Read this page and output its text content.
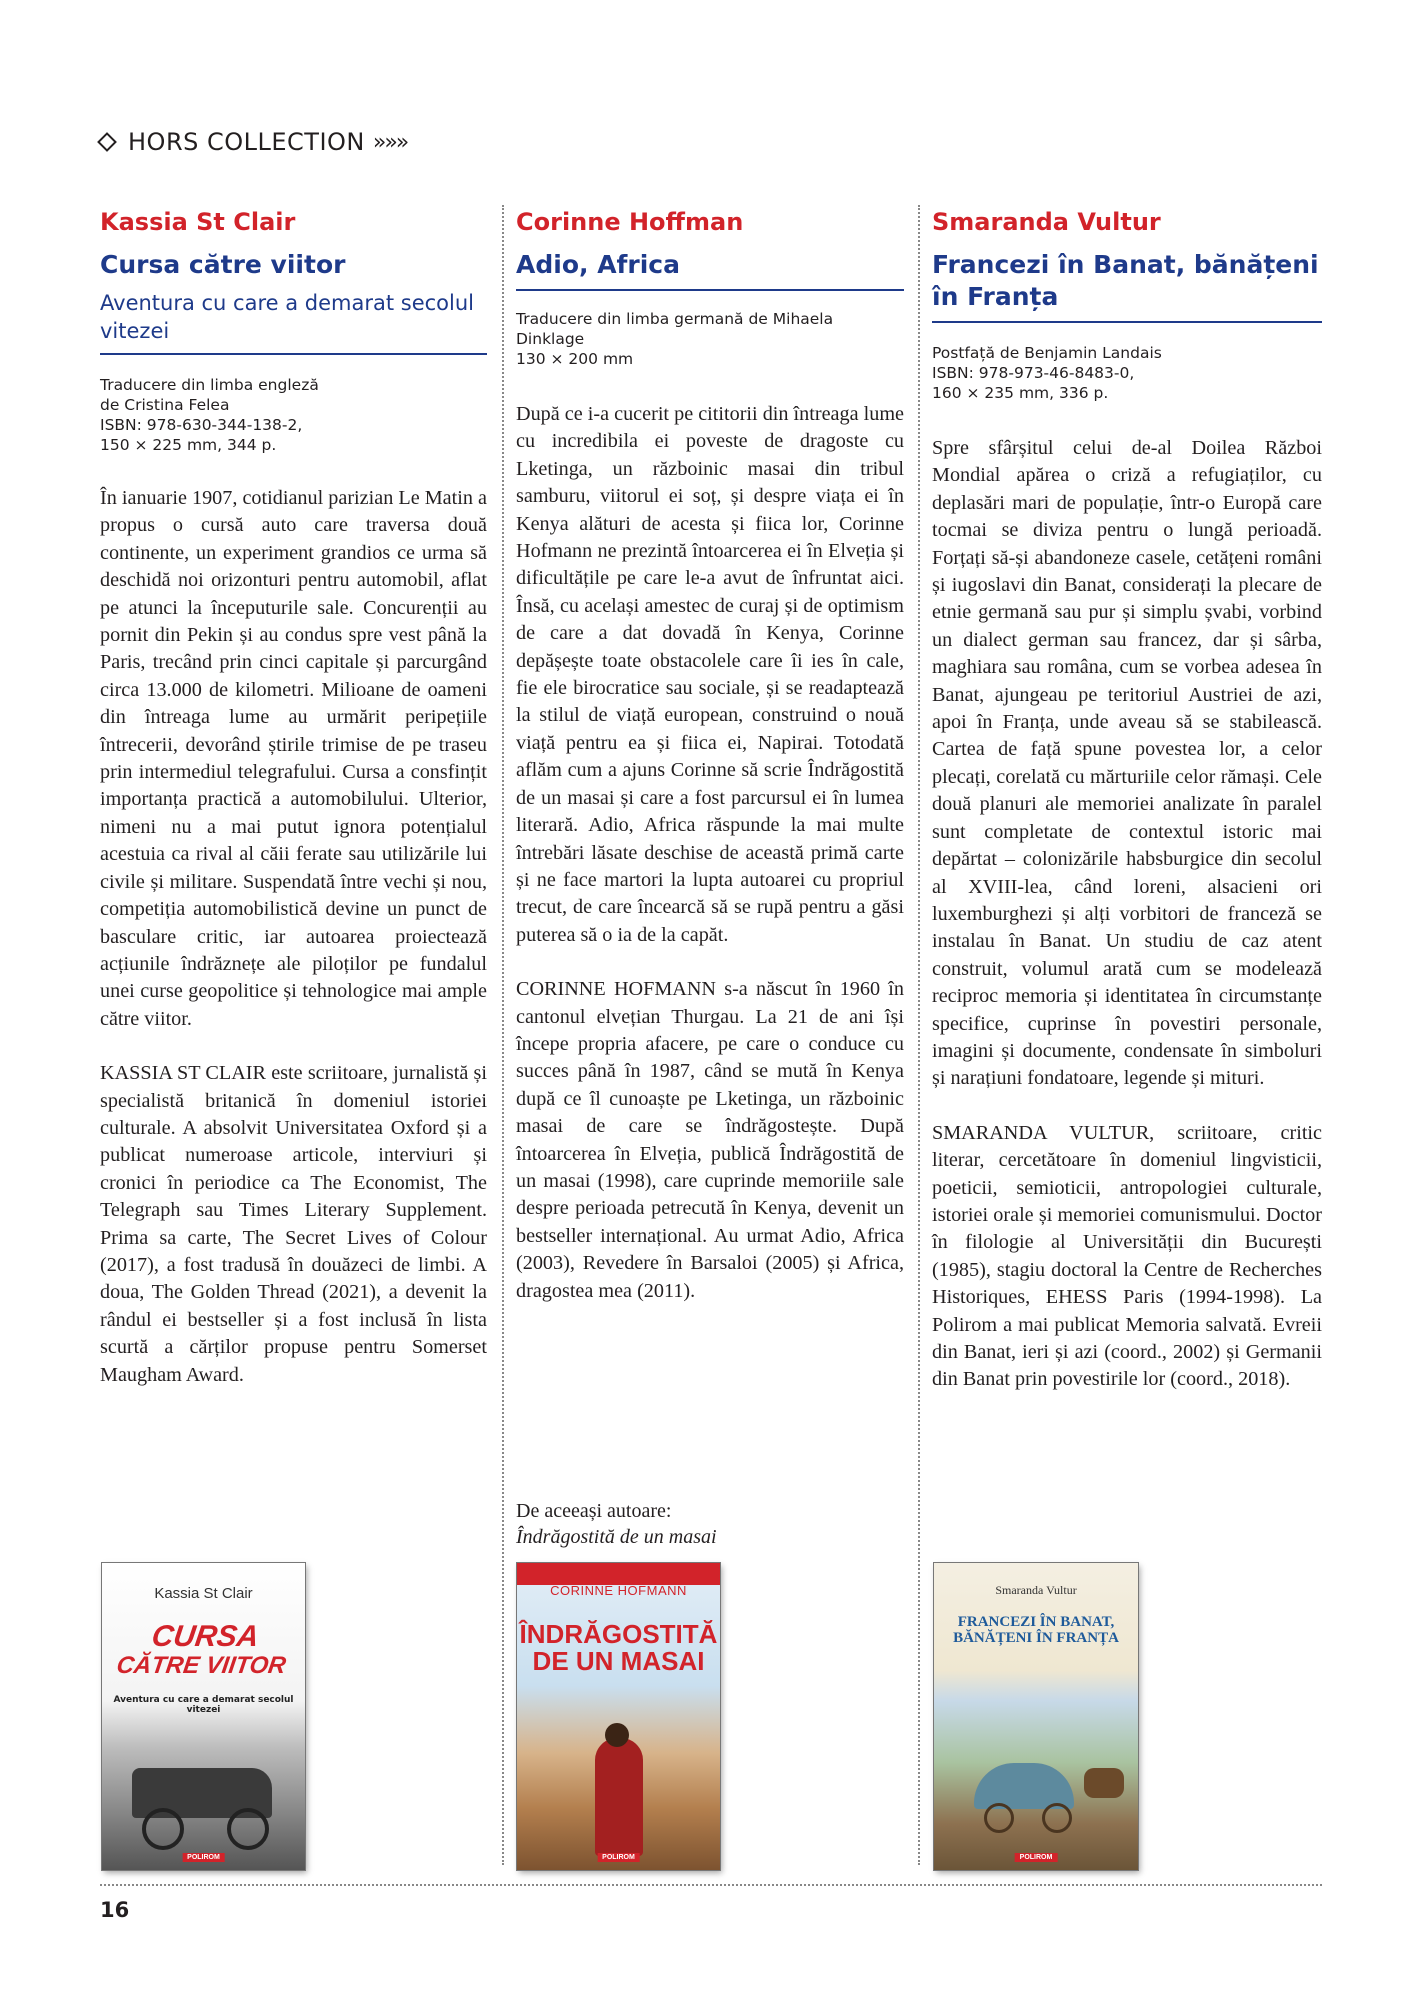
HORS COLLECTION »»»
Kassia St Clair
Cursa către viitor
Aventura cu care a demarat secolul vitezei
Traducere din limba engleză
de Cristina Felea
ISBN: 978-630-344-138-2,
150 × 225 mm, 344 p.

În ianuarie 1907, cotidianul parizian Le Matin a propus o cursă auto care traversa două continente, un experiment grandios ce urma să deschidă noi orizonturi pentru automobil, aflat pe atunci la începuturile sale. Concurenții au pornit din Pekin și au condus spre vest până la Paris, trecând prin cinci capitale și parcurgând circa 13.000 de kilometri. Milioane de oameni din întreaga lume au urmărit peripețiile întrecerii, devorând știrile trimise de pe traseu prin intermediul telegrafului. Cursa a consfințit importanța practică a automobilului. Ulterior, nimeni nu a mai putut ignora potențialul acestuia ca rival al căii ferate sau utilizările lui civile și militare. Suspendată între vechi și nou, competiția automobilistică devine un punct de basculare critic, iar autoarea proiectează acțiunile îndrăznețe ale piloților pe fundalul unei curse geopolitice și tehnologice mai ample către viitor.

KASSIA ST CLAIR este scriitoare, jurnalistă și specialistă britanică în domeniul istoriei culturale. A absolvit Universitatea Oxford și a publicat numeroase articole, interviuri și cronici în periodice ca The Economist, The Telegraph sau Times Literary Supplement. Prima sa carte, The Secret Lives of Colour (2017), a fost tradusă în douăzeci de limbi. A doua, The Golden Thread (2021), a devenit la rândul ei bestseller și a fost inclusă în lista scurtă a cărților propuse pentru Somerset Maugham Award.

Corinne Hoffman
Adio, Africa
Traducere din limba germană de Mihaela Dinklage
130 × 200 mm

După ce i-a cucerit pe cititorii din întreaga lume cu incredibila ei poveste de dragoste cu Lketinga, un războinic masai din tribul samburu, viitorul ei soț, și despre viața ei în Kenya alături de acesta și fiica lor, Corinne Hofmann ne prezintă întoarcerea ei în Elveția și dificultățile pe care le-a avut de înfruntat aici. Însă, cu același amestec de curaj și de optimism de care a dat dovadă în Kenya, Corinne depășește toate obstacolele care îi ies în cale, fie ele birocratice sau sociale, și se readaptează la stilul de viață european, construind o nouă viață pentru ea și fiica ei, Napirai. Totodată aflăm cum a ajuns Corinne să scrie Îndrăgostită de un masai și care a fost parcursul ei în lumea literară. Adio, Africa răspunde la mai multe întrebări lăsate deschise de această primă carte și ne face martori la lupta autoarei cu propriul trecut, de care încearcă să se rupă pentru a găsi puterea să o ia de la capăt.

CORINNE HOFMANN s-a născut în 1960 în cantonul elvețian Thurgau. La 21 de ani își începe propria afacere, pe care o conduce cu succes până în 1987, când se mută în Kenya după ce îl cunoaște pe Lketinga, un războinic masai de care se îndrăgostește. După întoarcerea în Elveția, publică Îndrăgostită de un masai (1998), care cuprinde memoriile sale despre perioada petrecută în Kenya, devenit un bestseller internațional. Au urmat Adio, Africa (2003), Revedere în Barsaloi (2005) și Africa, dragostea mea (2011).

De aceeași autoare:
Îndrăgostită de un masai
Smaranda Vultur
Francezi în Banat, bănățeni în Franța
Postfață de Benjamin Landais
ISBN: 978-973-46-8483-0,
160 × 235 mm, 336 p.

Spre sfârșitul celui de-al Doilea Război Mondial apărea o criză a refugiaților, cu deplasări mari de populație, într-o Europă care tocmai se diviza pentru o lungă perioadă. Forțați să-și abandoneze casele, cetățeni români și iugoslavi din Banat, considerați la plecare de etnie germană sau pur și simplu șvabi, vorbind un dialect german sau francez, dar și sârba, maghiara sau româna, cum se vorbea adesea în Banat, ajungeau pe teritoriul Austriei de azi, apoi în Franța, unde aveau să se stabilească. Cartea de față spune povestea lor, a celor plecați, corelată cu mărturiile celor rămași. Cele două planuri ale memoriei analizate în paralel sunt completate de contextul istoric mai depărtat – colonizările habsburgice din secolul al XVIII-lea, când loreni, alsacieni ori luxemburghezi și alți vorbitori de franceză se instalau în Banat. Un studiu de caz atent construit, volumul arată cum se modelează reciproc memoria și identitatea în circumstanțe specifice, cuprinse în povestiri personale, imagini și documente, condensate în simboluri și narațiuni fondatoare, legende și mituri.

SMARANDA VULTUR, scriitoare, critic literar, cercetătoare în domeniul lingvisticii, poeticii, semioticii, antropologiei culturale, istoriei orale și memoriei comunismului. Doctor în filologie al Universității din București (1985), stagiu doctoral la Centre de Recherches Historiques, EHESS Paris (1994-1998). La Polirom a mai publicat Memoria salvată. Evreii din Banat, ieri și azi (coord., 2002) și Germanii din Banat prin povestirile lor (coord., 2018).

Kassia St Clair
CURSA
CĂTRE VIITOR
Aventura cu care a demarat secolul vitezei
POLIROM
CORINNE HOFMANN
ÎNDRĂGOSTITĂ
DE UN MASAI
POLIROM
Smaranda Vultur
FRANCEZI ÎN BANAT,
BĂNĂȚENI ÎN FRANȚA
POLIROM
16
